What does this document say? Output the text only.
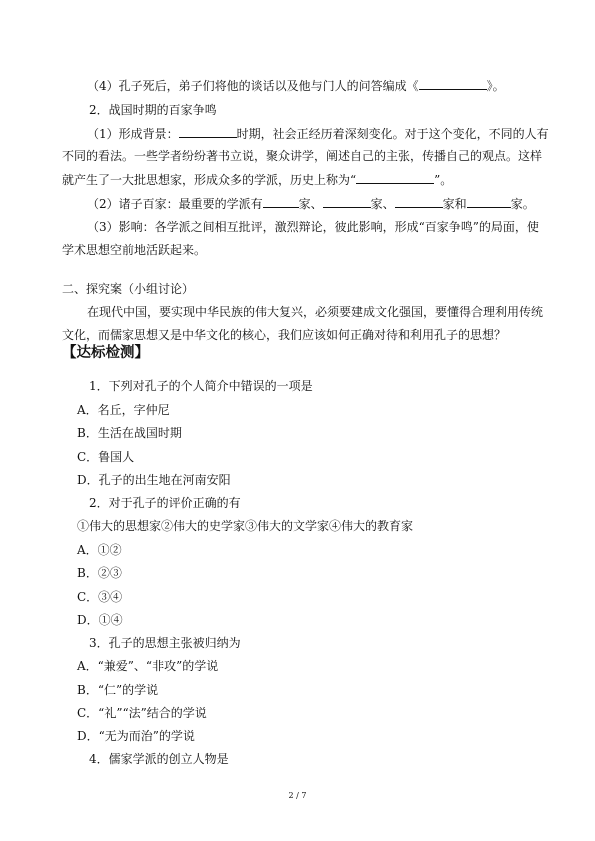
（4）孔子死后，弟子们将他的谈话以及他与门人的问答编成《	》。
2．战国时期的百家争鸣
（1）形成背景：	时期，社会正经历着深刻变化。对于这个变化，不同的人有
不同的看法。一些学者纷纷著书立说，聚众讲学，阐述自己的主张，传播自己的观点。这样
就产生了一大批思想家，形成众多的学派，历史上称为“	”。
（2）诸子百家：最重要的学派有	家、	家、	家和	家。
（3）影响：各学派之间相互批评，激烈辩论，彼此影响，形成“百家争鸣”的局面，使
学术思想空前地活跃起来。
二、探究案（小组讨论）
在现代中国，要实现中华民族的伟大复兴，必须要建成文化强国，要懂得合理利用传统
文化，而儒家思想又是中华文化的核心，我们应该如何正确对待和利用孔子的思想？
【达标检测】
1．下列对孔子的个人简介中错误的一项是
A．名丘，字仲尼
B．生活在战国时期
C．鲁国人
D．孔子的出生地在河南安阳
2．对于孔子的评价正确的有
①伟大的思想家②伟大的史学家③伟大的文学家④伟大的教育家
A．①②
B．②③
C．③④
D．①④
3．孔子的思想主张被归纳为
A．“兼爱”、“非攻”的学说
B．“仁”的学说
C．“礼”“法”结合的学说
D．“无为而治”的学说
4．儒家学派的创立人物是
2 / 7
